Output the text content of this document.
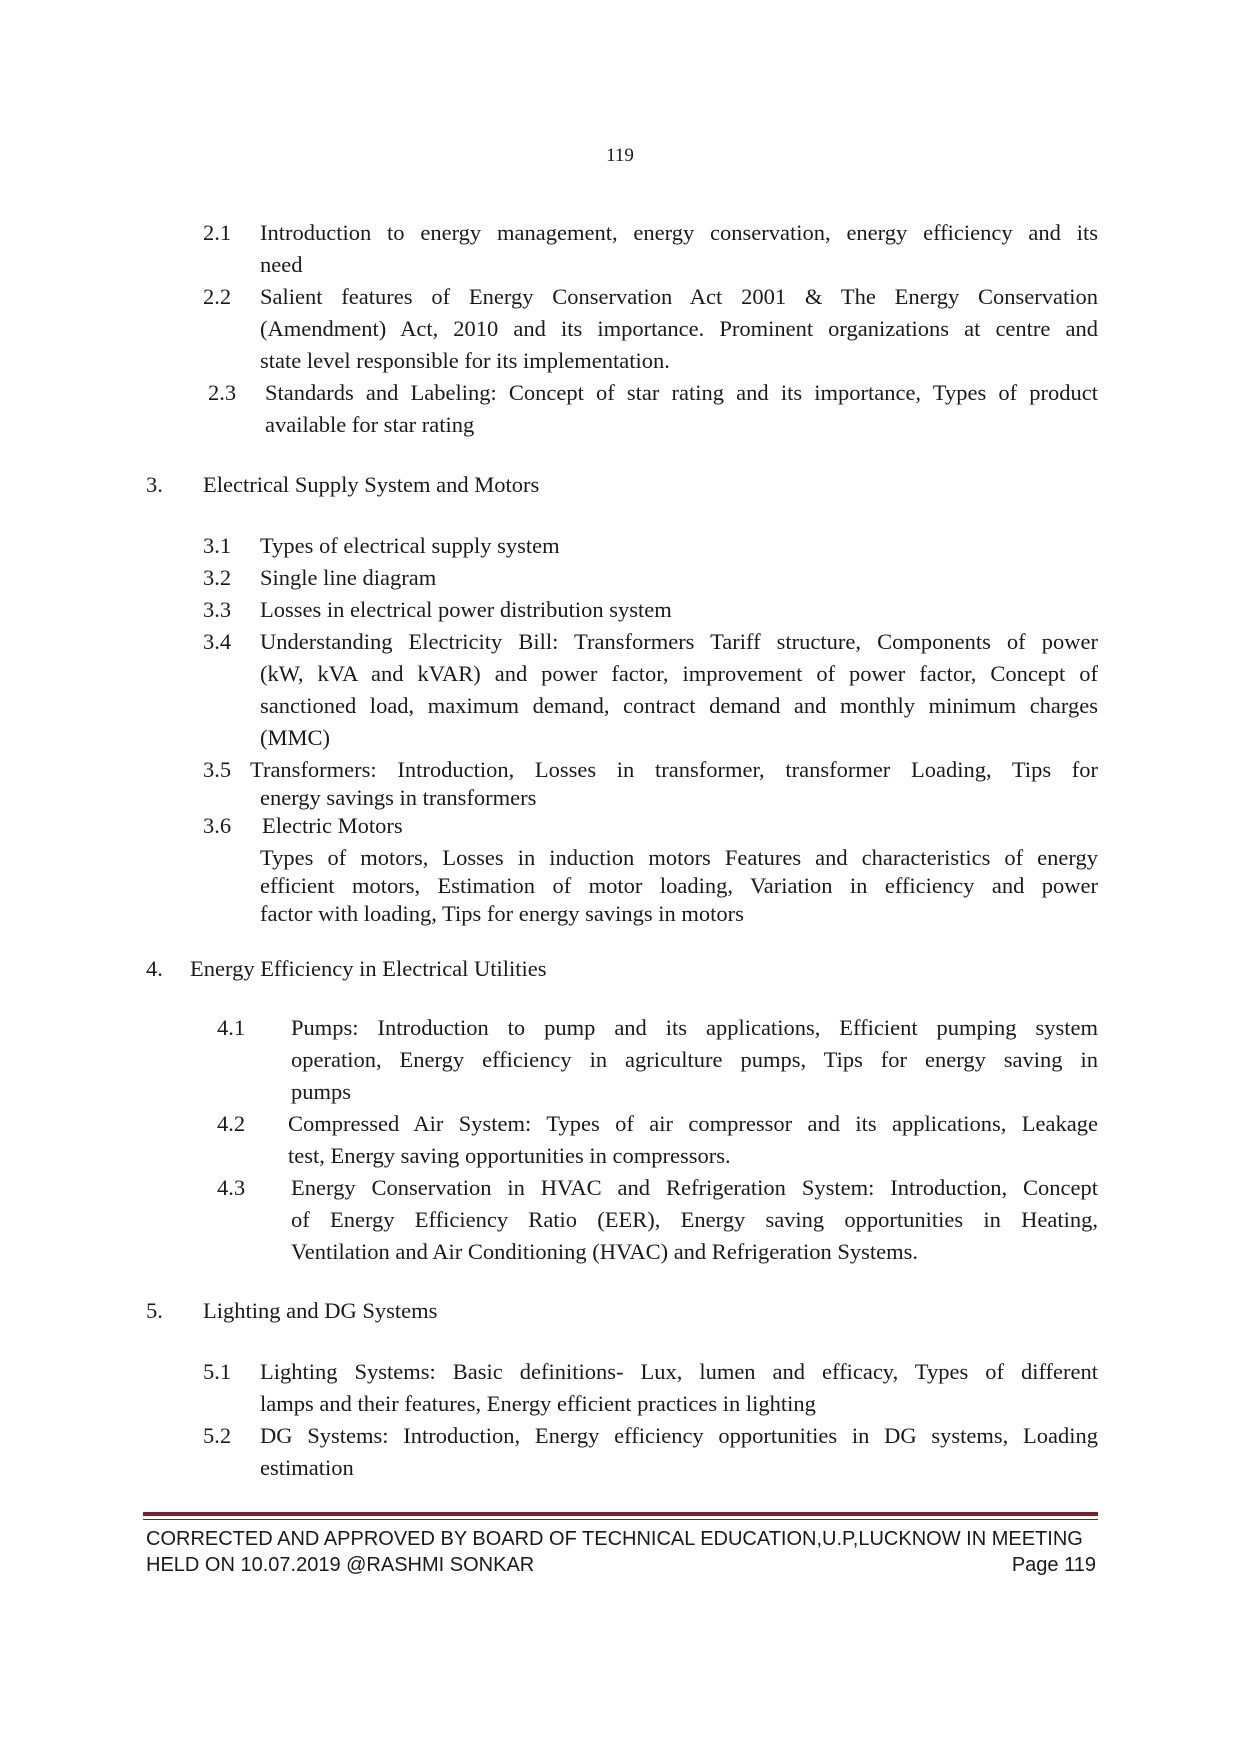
119
2.1 Introduction to energy management, energy conservation, energy efficiency and its
need
2.2 Salient features of Energy Conservation Act 2001 & The Energy Conservation
(Amendment) Act, 2010 and its importance. Prominent organizations at centre and
state level responsible for its implementation.
2.3 Standards and Labeling: Concept of star rating and its importance, Types of product
available for star rating
3. Electrical Supply System and Motors
3.1 Types of electrical supply system
3.2 Single line diagram
3.3 Losses in electrical power distribution system
3.4 Understanding Electricity Bill: Transformers Tariff structure, Components of power
(kW, kVA and kVAR) and power factor, improvement of power factor, Concept of
sanctioned load, maximum demand, contract demand and monthly minimum charges
(MMC)
3.5 Transformers: Introduction, Losses in transformer, transformer Loading, Tips for
energy savings in transformers
3.6 Electric Motors
Types of motors, Losses in induction motors Features and characteristics of energy
efficient motors, Estimation of motor loading, Variation in efficiency and power
factor with loading, Tips for energy savings in motors
4. Energy Efficiency in Electrical Utilities
4.1 Pumps: Introduction to pump and its applications, Efficient pumping system
operation, Energy efficiency in agriculture pumps, Tips for energy saving in
pumps
4.2 Compressed Air System: Types of air compressor and its applications, Leakage
test, Energy saving opportunities in compressors.
4.3 Energy Conservation in HVAC and Refrigeration System: Introduction, Concept
of Energy Efficiency Ratio (EER), Energy saving opportunities in Heating,
Ventilation and Air Conditioning (HVAC) and Refrigeration Systems.
5. Lighting and DG Systems
5.1 Lighting Systems: Basic definitions- Lux, lumen and efficacy, Types of different
lamps and their features, Energy efficient practices in lighting
5.2 DG Systems: Introduction, Energy efficiency opportunities in DG systems, Loading
estimation
CORRECTED AND APPROVED BY BOARD OF TECHNICAL EDUCATION,U.P,LUCKNOW IN MEETING
HELD ON 10.07.2019 @RASHMI SONKAR	Page 119
